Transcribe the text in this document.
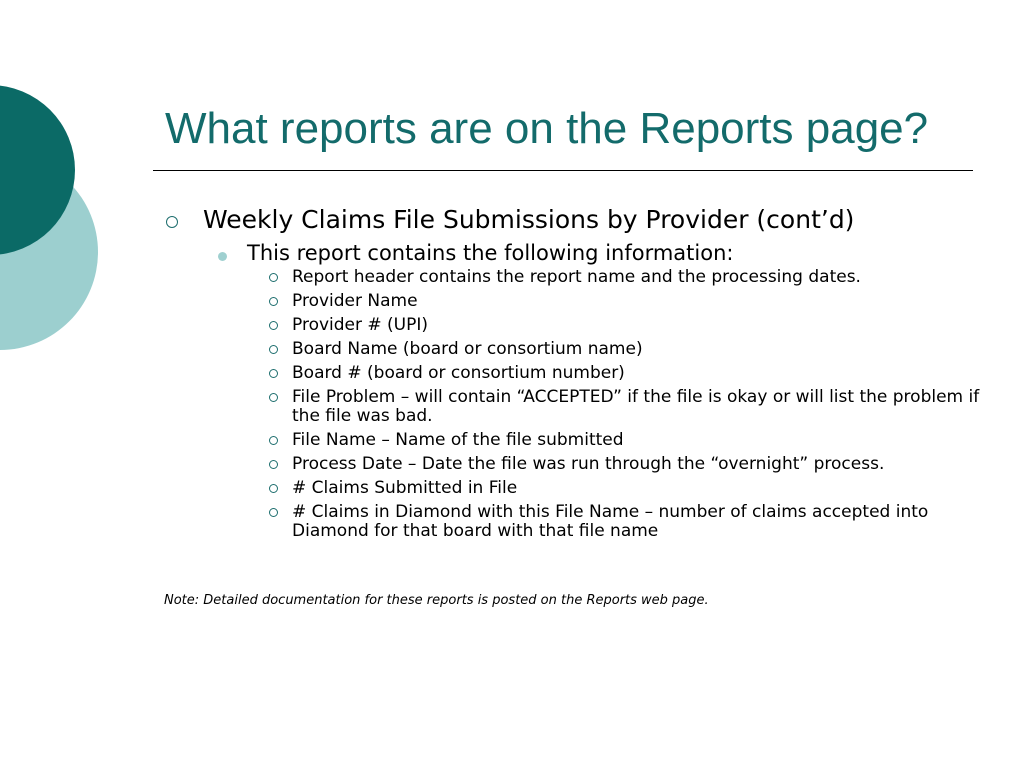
What reports are on the Reports page?
Weekly Claims File Submissions by Provider (cont’d)
This report contains the following information:
Report header contains the report name and the processing dates.
Provider Name
Provider # (UPI)
Board Name (board or consortium name)
Board # (board or consortium number)
File Problem – will contain “ACCEPTED” if the file is okay or will list the problem if the file was bad.
File Name – Name of the file submitted
Process Date – Date the file was run through the “overnight” process.
# Claims Submitted in File
# Claims in Diamond with this File Name – number of claims accepted into Diamond for that board with that file name
Note: Detailed documentation for these reports is posted on the Reports web page.
